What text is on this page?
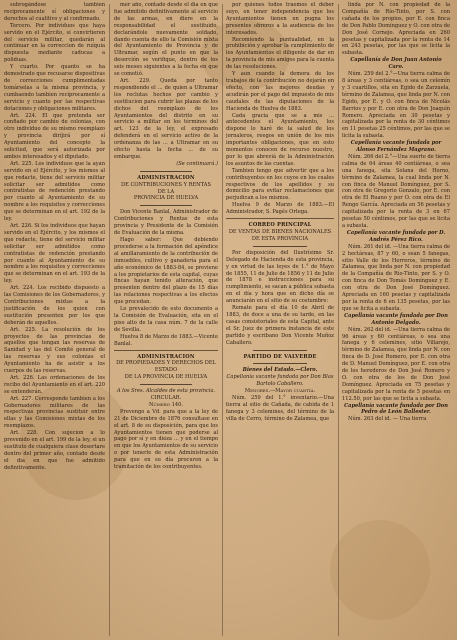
subrogándose tambien reciprocamente sí obligaciones y derechos al cualitivo y al confirmado.

Tercero. Por individuos que haya servido en el Ejército, si convirtieren del servicio militar, quedarán al continuar en la correccion de ruíquia dispuesta mediante caducas a poliduas.

Y cuarto. Por quanto se ha demostrado que recusarse dispositivas de correcciones cumplimentadas tomárselas a la misma provincia, y cumbaendo tambien reciprocamente a servicio y cuanto por las respectivas dotaciones y obligaciones militares.

Art. 224. El que pretenda ser confiado por cambio de colonias, con otro individuo de su mismo reemplazo y provincia diríjirá por sí Ayuntamiento del concepto la solicitud, que será autorizada por ambos interesados y el diputado.

Art. 225. Los individuos que la ayan servido en el Ejército, y los mismos al que redacte, tiene del servicio militar solicitar ser admitidos como contratistas de redención prestando por cuanto al Ayuntamiento de su nombre a los requisitos y correcciones que se determinan en el art. 192 de la ley.

Art. 226. Si los individuos que hayan servido en el Ejército, y los mismos el que redacte, tiene del servicio militar solicitar ser admitidos como contratistas de redención prestando por cuanto al Ayuntamiento de su nombre a los requisitos y correcciones que se determinan en el art. 193 de la ley.

Art. 224. Los recibido dispuesto a las Comisiones de los Gobernadores, y Contribuciones mixtas a la justificación de los quien con sustitución presenten por los que deberán de aquellos.

Art. 225. La resolución de los proyectos de las provincias de aquellos que tengan las reservas de Sanidad y las del Comité general de las reservas y sus colonias el Ayuntamiento ha de asistir a los cuerpos de las reservas.

Art. 226. Las ordenaciones de los recibo del Ayuntamiento en el art. 220 se entenderán.

Art. 227. Corresponde tambien a los Gobernadores militares de las respectivas provincias sustituir entre ellas y las Comisiones mixtas de los reemplazos.

Art. 228. Con sujecion a lo prevenido en el art. 199 de la ley, si un sustituto de cualquiera clase desertare dentro del primer año, contado desde el dia en que fue admitido definitivamente.

mer año, contado desde el dia en que fue admitido definitivamente al servicio de las armas, en diere en la responsabilidad el sustituido, declarándole nuevamente soldado, dando cuenta de ello la Comisión mixta del Ayuntamiento de Provincia y de Ultramar, según el punto en que la deserción se verifique, dentro de los seis meses siguientes a la fecha en que se cometió.

Art. 229. Queda por tanto respondiendo el ... de quien a Ultramar los reclutas hechos por cambio y sustitucion para cubrir las plazas de los dichos del reemplazo de los Ayuntamientos del distrito en su servicio a militar en los términos del art. 123 de la ley, el expresado defenderá en el servicio activo de la ordenanza de las ... a Ultramar en su efecto hasta la fecha ... de su embarque.

(Se continuará.)

ADMINISTRACION

DE CONTRIBUCIONES Y RENTAS

DE LA

PROVINCIA DE HUELVA

Don Vicente Banlal, Administrador de Contribuciones y Rentas de esta provincia y Presidente de la Comisión de Evaluación de la misma.

Hago saber: Que debiendo procederse a la formación del apéndice al amillaramiento de la contribución de inmuebles, cultivo y ganadería para el año económico de 1883-84, se previene a los propietarios de esta capital, cuyas fincas hayan tenido alteración, que presenten dentro del plazo de 15 días las relaciones respectivas a los efectos que procedan.

Lo prevalecido de esto documento a la Comisión de Evaluación, sita en el piso alto de la casa núm. 7 de la calle de Sevilla.

Huelva 8 de Marzo de 1883.—Vicente Banlal.

ADMINISTRACION

DE PROPIEDADES Y DERECHOS DEL ESTADO

DE LA PROVINCIA DE HUELVA

A los Sres. Alcaldes de esta provincia.

CIRCULAR.

Número 140.

Prevengo a Vd. para que a la ley de 21 de Diciembre de 1876 consultase en el art. 8 de su disposición, para que los Ayuntamientos tienen que poderse al pago por sí y en dieza ... y en el tiempo en que los Ayuntamientos de su servicio o por tenerle de esta Administración para que en su día procuren a la tramitación de los contribuyentes.

por quienes todos traemos el deber suyo, en tener independencia que los Ayuntamientos tienen en pugna los presentes obreros a la audiencia de los interesados.

Recomiendo la puntualidad, en la prohibición y aprobar la cumplimiento de los Ayuntamientos el diligente de dar en la provincia de mis amigos para la cuenta de las resoluciones.

Y aun cuando la demora de los trabajos de la contribución no dejarán en efecto, con las mejores deudas y acudirán por el pago del impuesto de mis caudales de las diputaciones de la Hacienda de Huelva de 1883.

Cada gracia que se a mis ... antecedentes el Ayuntamiento, los dispone lo haré de la salud de los jornaleros, reegos en unión de los mis importantes obligaciones, que en esto momentos conocen de recurso nuestro, por lo que abreviá de la Administración los asuntos de las cuentas.

Tambien tengo que advertir que a los contribuyentes en los cuyos en los cuales respectivos de los apellidos y su domicilio para evitar reclamaciones que perjudican a los mismos.

Huelva 9 de Marzo de 1883.—El Administrador, S. Pagés Ortega.

CORREO PRINCIPAL

DE VENTAS DE BIENES NACIONALES

DE ESTA PROVINCIA

Por disposición del Ilustrísimo Sr. Delegado de Hacienda de esta provincia, y en virtud de las leyes de 1.° de Mayo de 1855, 11 de Julio de 1856 y 11 de Julio de 1878 e instrucciones para su cumplimiento, se sacan a pública subasta en el día y hora que en dicho día se anunciarán en el sitio de su costumbre:

Remate para el día 10 de Abril de 1883, de doce a una de su tarde, en las casas consistoriales de esta Capital, ante el Sr. Juez de primera instancia de este partido y escribano Don Vicente Muñoz Caballero.

PARTIDO DE VALVERDE

Bienes del Estado.—Clero.

Capellanía vacante fundada por Don Blas Bartolo Caballero.

Menores.—Mayor cuantía.

Núm. 259 del 1.° inventario.—Una tierra al sitio de Cañada, de cabida de 1 fanega y 3 celemines, del término de la villa de Cerro, término de Zalamea, que

linda por N. con propiedad de la Compañía de Río-Tinto, por S. con cañada de los propios, por E. con finca de Don Pablo Domínguez y O. con otra de Don José Cornejo. Apreciada en 260 pesetas y capitalizada por la renta de 14 en 243 pesetas, por las que se licita la subasta.

Capellanía de Don Juan Antonio Caro.

Núm. 259 del 2.°—Una tierra calma de 8 áreas y 3 centiáreas, o sea un celemín y 3 cuartillos, sita en Egido de Zarzuela, término de Zalamea, que linda por N. con Egido, por E. y O. con finca de Nicolás Barrios y por E. con otra de Don Joaquín Romero. Apreciada en 30 pesetas y capitalizada por la renta de 30 céntimos en 11 pesetas 25 céntimos, por las que se licita la subasta.

Capellanía vacante fundada por Alonso Fernández Magrano.

Núm. 266 del 2.°—Una suerte de tierra calma de 64 áreas 40 centiáreas, o sea una fanega, sita Solana del Horno, término de Zalamea, la cual linda por N. con finca de Manuel Domínguez, por S. con otra de Gregorio Gonzalo, por E. con otra de El Ruano y por O. con otra de El Rengo García. Apreciada en 56 pesetas y capitalizada por la renta de 3 en 67 pesetas 50 céntimos, por las que se licita a subasta.

Capellanía vacante fundada por D. Andrés Pérez Rico.

Núm. 261 del id. —Una tierra calma de 2 hectáreas, 87 y 60, o sean 5 fanegas, sitio Valle de los Herreros, término de Zalamea, que linda por N. con propiedad de la Compañía de Río-Tinto, por S. y O. con finca de Don Tomás Domínguez y E. con otra de Don José Domínguez. Apreciada en 160 pesetas y capitalizada por la renta de 6 en 135 pesetas, por las que se licita a subasta.

Capellanía vacante fundada por Don Antonio Delgado.

Núm. 262 del id. —Una tierra calma de 96 áreas y 60 centiáreas, o sea una fanega y 6 celemines, sitio Villarejo, término de Zalamea, que linda por N. con finca de D. José Romero, por E. con otra de D. Manuel Domínguez, por E. con otra de los herederos de Don José Romero y O. con otra de los de Don José Domínguez. Apreciada en 75 pesetas y capitalizada por la renta de 5 pesetas en 112.50, por las que se licita a subasta.

Capellanía vacante fundada por Don Pedro de León Ballester.

Núm. 263 del id. — Una tierra
